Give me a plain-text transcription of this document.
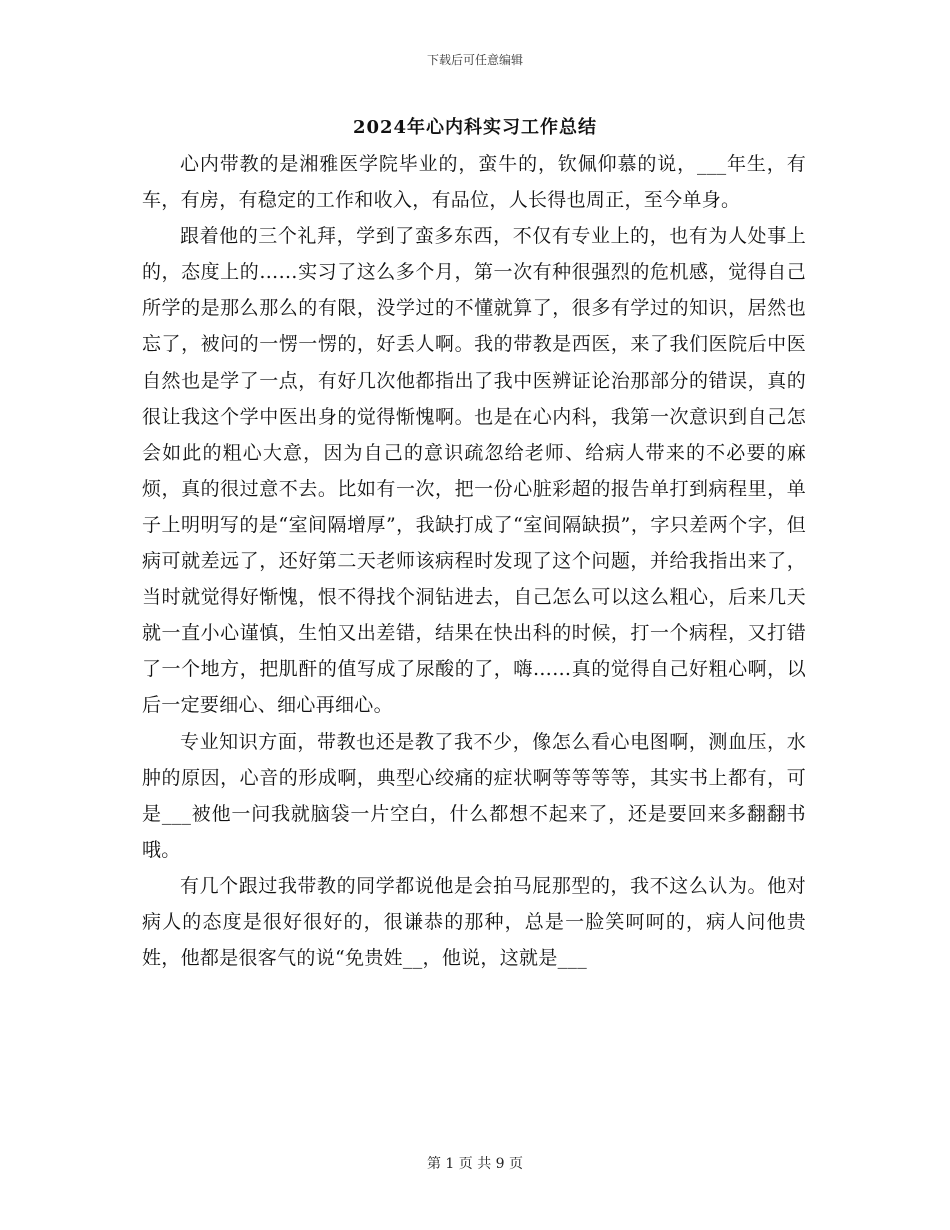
下载后可任意编辑
2024年心内科实习工作总结

心内带教的是湘雅医学院毕业的，蛮牛的，钦佩仰慕的说，___年生，有车，有房，有稳定的工作和收入，有品位，人长得也周正，至今单身。

跟着他的三个礼拜，学到了蛮多东西，不仅有专业上的，也有为人处事上的，态度上的……实习了这么多个月，第一次有种很强烈的危机感，觉得自己所学的是那么那么的有限，没学过的不懂就算了，很多有学过的知识，居然也忘了，被问的一愣一愣的，好丢人啊。我的带教是西医，来了我们医院后中医自然也是学了一点，有好几次他都指出了我中医辨证论治那部分的错误，真的很让我这个学中医出身的觉得惭愧啊。也是在心内科，我第一次意识到自己怎会如此的粗心大意，因为自己的意识疏忽给老师、给病人带来的不必要的麻烦，真的很过意不去。比如有一次，把一份心脏彩超的报告单打到病程里，单子上明明写的是“室间隔增厚”，我缺打成了“室间隔缺损”，字只差两个字，但病可就差远了，还好第二天老师该病程时发现了这个问题，并给我指出来了，当时就觉得好惭愧，恨不得找个洞钻进去，自己怎么可以这么粗心，后来几天就一直小心谨慎，生怕又出差错，结果在快出科的时候，打一个病程，又打错了一个地方，把肌酐的值写成了尿酸的了，嗨……真的觉得自己好粗心啊，以后一定要细心、细心再细心。

专业知识方面，带教也还是教了我不少，像怎么看心电图啊，测血压，水肿的原因，心音的形成啊，典型心绞痛的症状啊等等等等，其实书上都有，可是___被他一问我就脑袋一片空白，什么都想不起来了，还是要回来多翻翻书哦。

有几个跟过我带教的同学都说他是会拍马屁那型的，我不这么认为。他对病人的态度是很好很好的，很谦恭的那种，总是一脸笑呵呵的，病人问他贵姓，他都是很客气的说“免贵姓__，他说，这就是___

第 1 页 共 9 页
